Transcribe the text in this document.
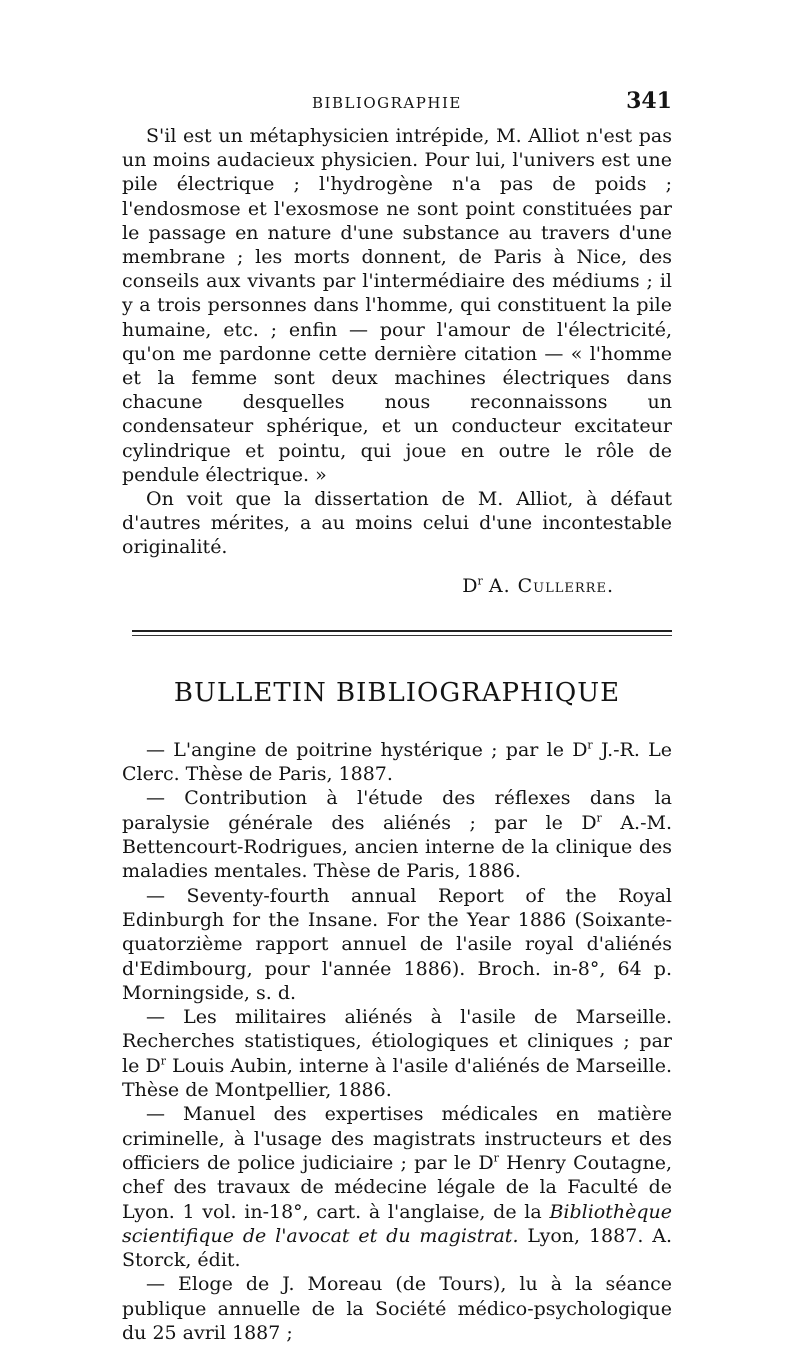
BIBLIOGRAPHIE	341

S'il est un métaphysicien intrépide, M. Alliot n'est pas un moins audacieux physicien. Pour lui, l'univers est une pile électrique ; l'hydrogène n'a pas de poids ; l'endosmose et l'exosmose ne sont point constituées par le passage en nature d'une substance au travers d'une membrane ; les morts donnent, de Paris à Nice, des conseils aux vivants par l'intermédiaire des médiums ; il y a trois personnes dans l'homme, qui constituent la pile humaine, etc. ; enfin — pour l'amour de l'électricité, qu'on me pardonne cette dernière citation — « l'homme et la femme sont deux machines électriques dans chacune desquelles nous reconnaissons un condensateur sphérique, et un conducteur excitateur cylindrique et pointu, qui joue en outre le rôle de pendule électrique. »

On voit que la dissertation de M. Alliot, à défaut d'autres mérites, a au moins celui d'une incontestable originalité.

$D^r$ A. Cullerre.

BULLETIN BIBLIOGRAPHIQUE

— L'angine de poitrine hystérique ; par le $D^r$ J.-R. Le Clerc. Thèse de Paris, 1887.

— Contribution à l'étude des réflexes dans la paralysie générale des aliénés ; par le $D^r$ A.-M. Bettencourt-Rodrigues, ancien interne de la clinique des maladies mentales. Thèse de Paris, 1886.

— Seventy-fourth annual Report of the Royal Edinburgh for the Insane. For the Year 1886 (Soixante-quatorzième rapport annuel de l'asile royal d'aliénés d'Edimbourg, pour l'année 1886). Broch. in-8°, 64 p. Morningside, s. d.

— Les militaires aliénés à l'asile de Marseille. Recherches statistiques, étiologiques et cliniques ; par le $D^r$ Louis Aubin, interne à l'asile d'aliénés de Marseille. Thèse de Montpellier, 1886.

— Manuel des expertises médicales en matière criminelle, à l'usage des magistrats instructeurs et des officiers de police judiciaire ; par le $D^r$ Henry Coutagne, chef des travaux de médecine légale de la Faculté de Lyon. 1 vol. in-18°, cart. à l'anglaise, de la Bibliothèque scientifique de l'avocat et du magistrat. Lyon, 1887. A. Storck, édit.

— Eloge de J. Moreau (de Tours), lu à la séance publique annuelle de la Société médico-psychologique du 25 avril 1887 ;
